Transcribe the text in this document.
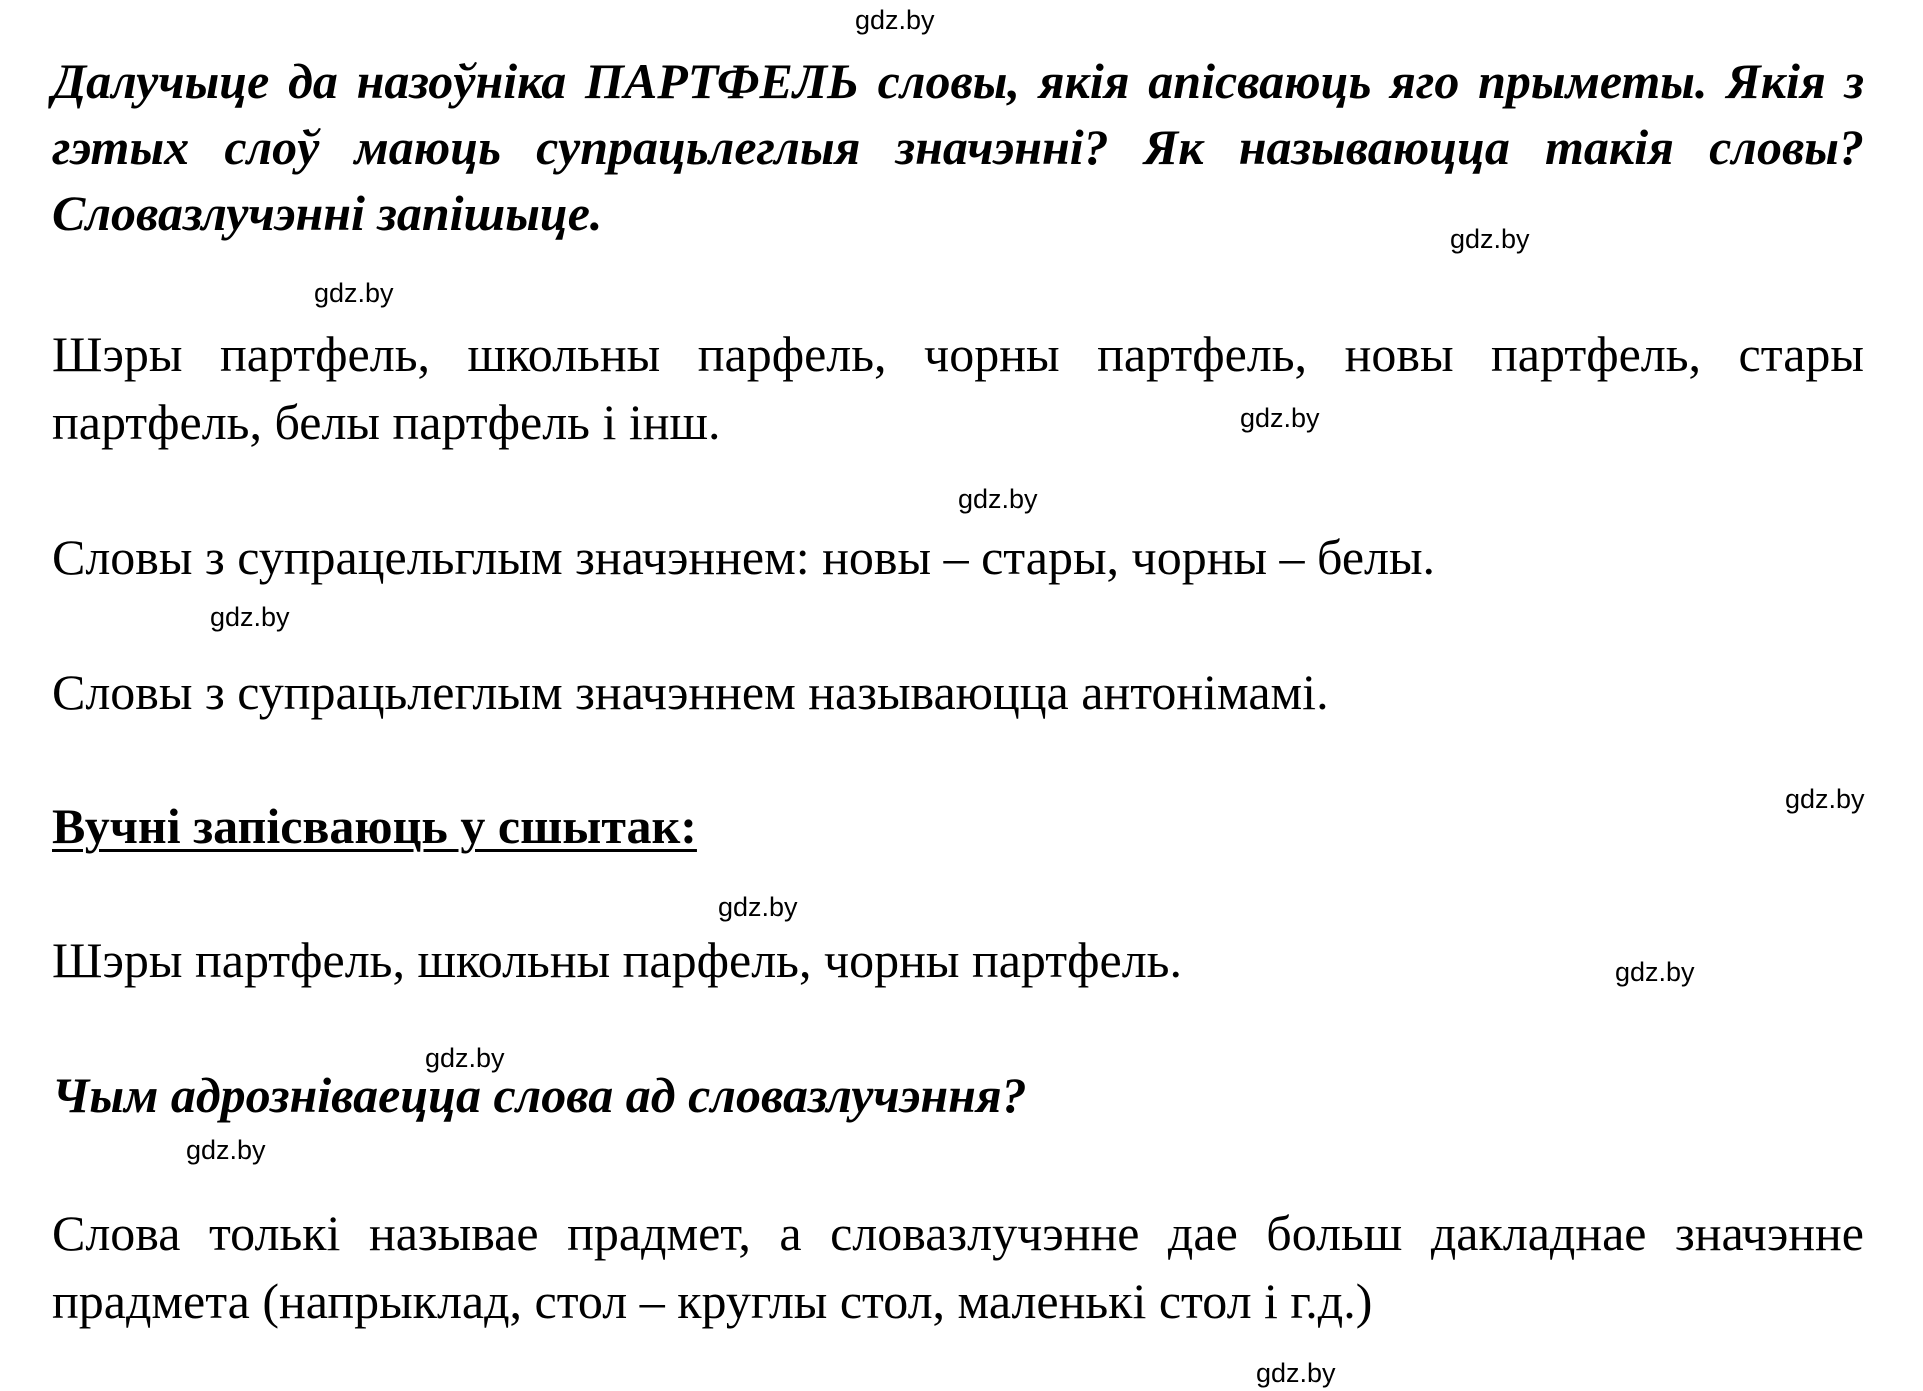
gdz.by
gdz.by
gdz.by
gdz.by
gdz.by
gdz.by
gdz.by
gdz.by
gdz.by
gdz.by
gdz.by
gdz.by

Далучыце да назоўніка ПАРТФЕЛЬ словы, якія апісваюць яго прыметы. Якія з гэтых слоў маюць супрацьлеглыя значэнні? Як называюцца такія словы? Словазлучэнні запішыце.

Шэры партфель, школьны парфель, чорны партфель, новы партфель, стары партфель, белы партфель і інш.

Словы з супрацельглым значэннем: новы – стары, чорны – белы.

Словы з супрацьлеглым значэннем называюцца антонімамі.

Вучні запісваюць у сшытак:

Шэры партфель, школьны парфель, чорны партфель.

Чым адрозніваецца слова ад словазлучэння?

Слова толькі называе прадмет, а словазлучэнне дае больш дакладнае значэнне прадмета (напрыклад, стол – круглы стол, маленькі стол і г.д.)
